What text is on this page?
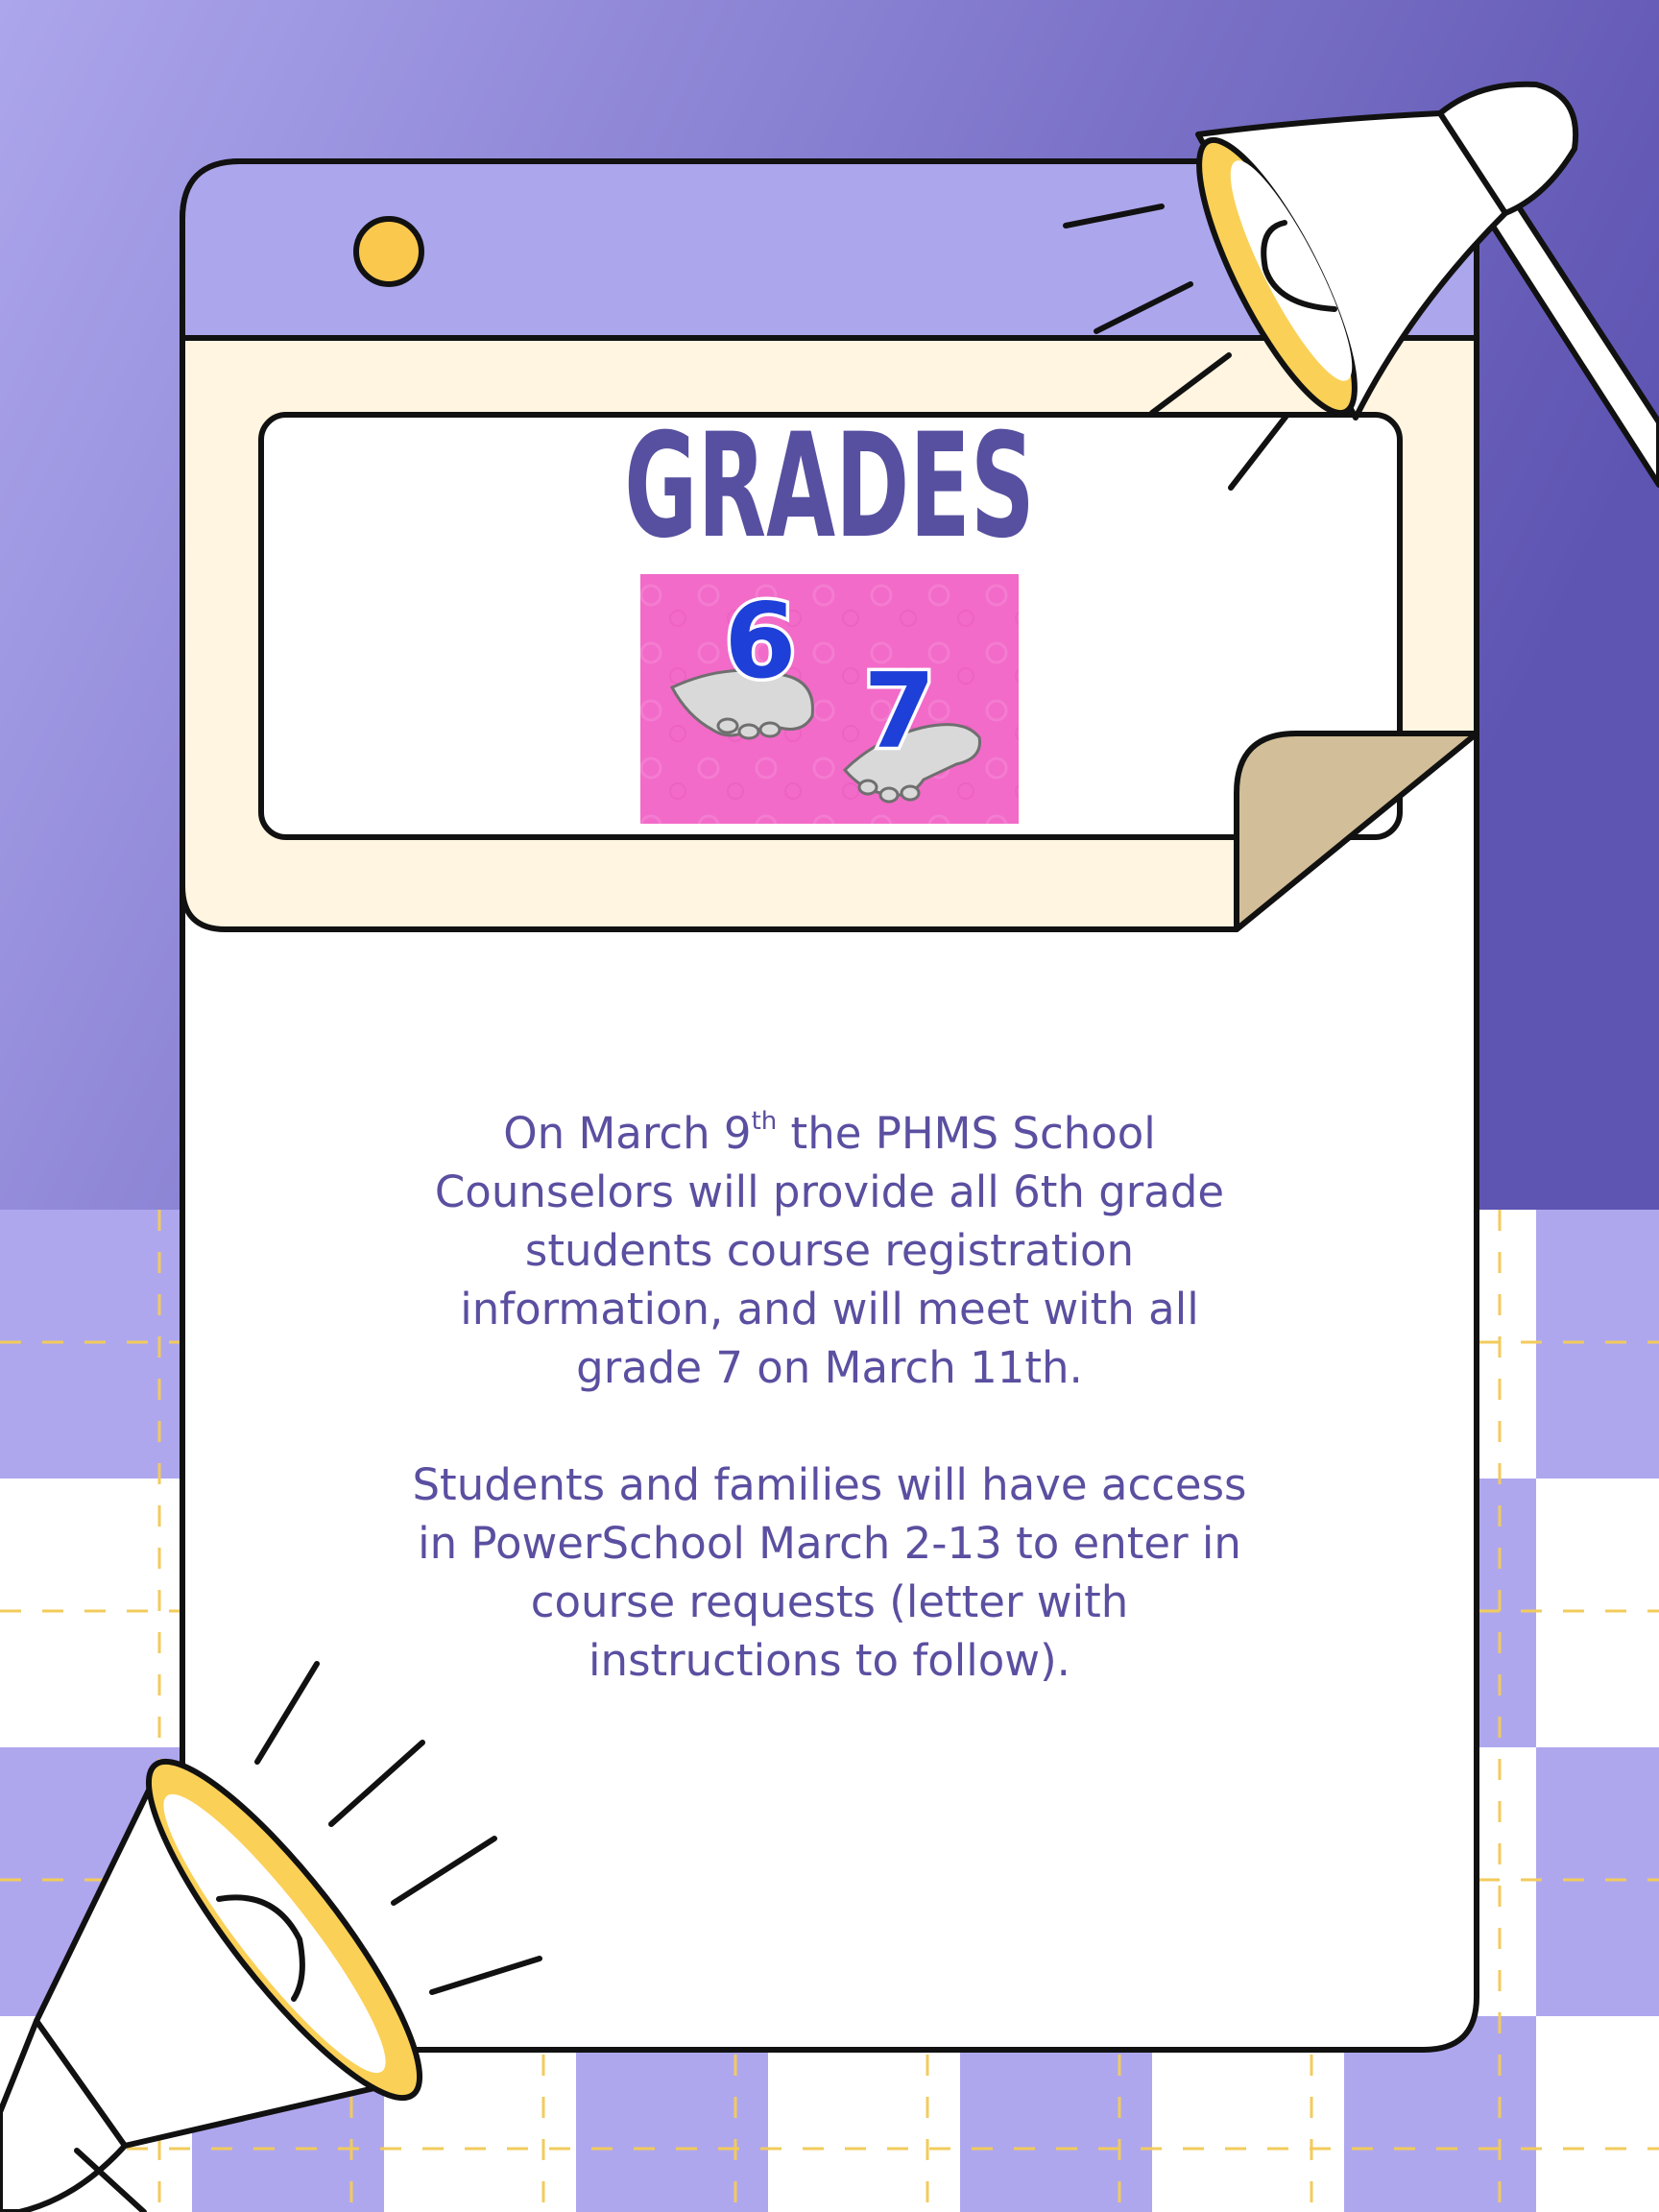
6
7
GRADES
On March 9th the PHMS School
Counselors will provide all 6th grade
students course registration
information, and will meet with all
grade 7 on March 11th.
Students and families will have access
in PowerSchool March 2-13 to enter in
course requests (letter with
instructions to follow).
